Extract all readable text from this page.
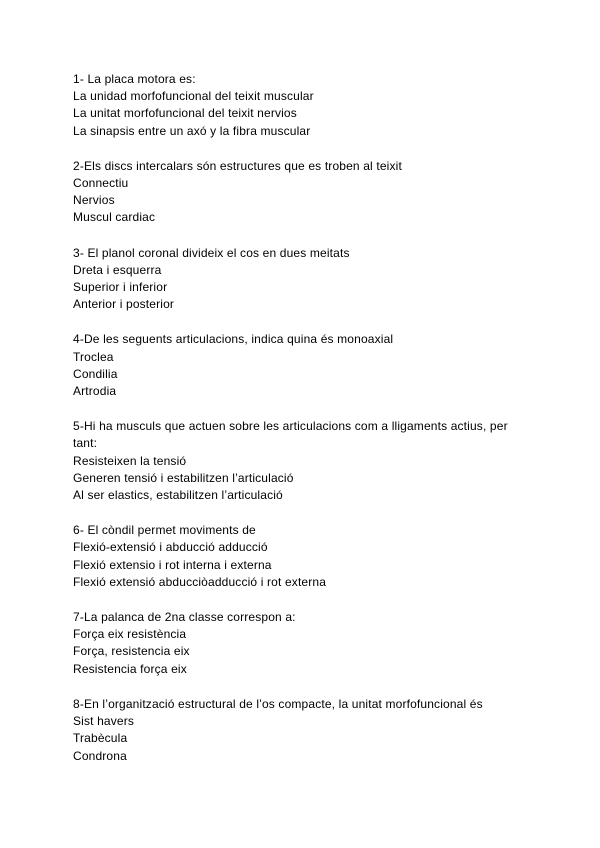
1- La placa motora es:
La unidad morfofuncional del teixit muscular
La unitat morfofuncional del teixit nervios
La sinapsis entre un axó y la fibra muscular
2-Els discs intercalars són estructures que es troben al teixit
Connectiu
Nervios
Muscul cardiac
3- El planol coronal divideix el cos en dues meitats
Dreta i esquerra
Superior i inferior
Anterior i posterior
4-De les seguents articulacions, indica quina és monoaxial
Troclea
Condilia
Artrodia
5-Hi ha musculs que actuen sobre les articulacions com a lligaments actius, per tant:
Resisteixen la tensió
Generen tensió i estabilitzen l’articulació
Al ser elastics, estabilitzen l’articulació
6- El còndil permet moviments de
Flexió-extensió i abducció adducció
Flexió extensio i rot interna i externa
Flexió extensió abducciòadducció i rot externa
7-La palanca de 2na classe correspon a:
Força eix resistència
Força, resistencia eix
Resistencia força eix
8-En l’organització estructural de l’os compacte, la unitat morfofuncional és
Sist havers
Trabècula
Condrona
